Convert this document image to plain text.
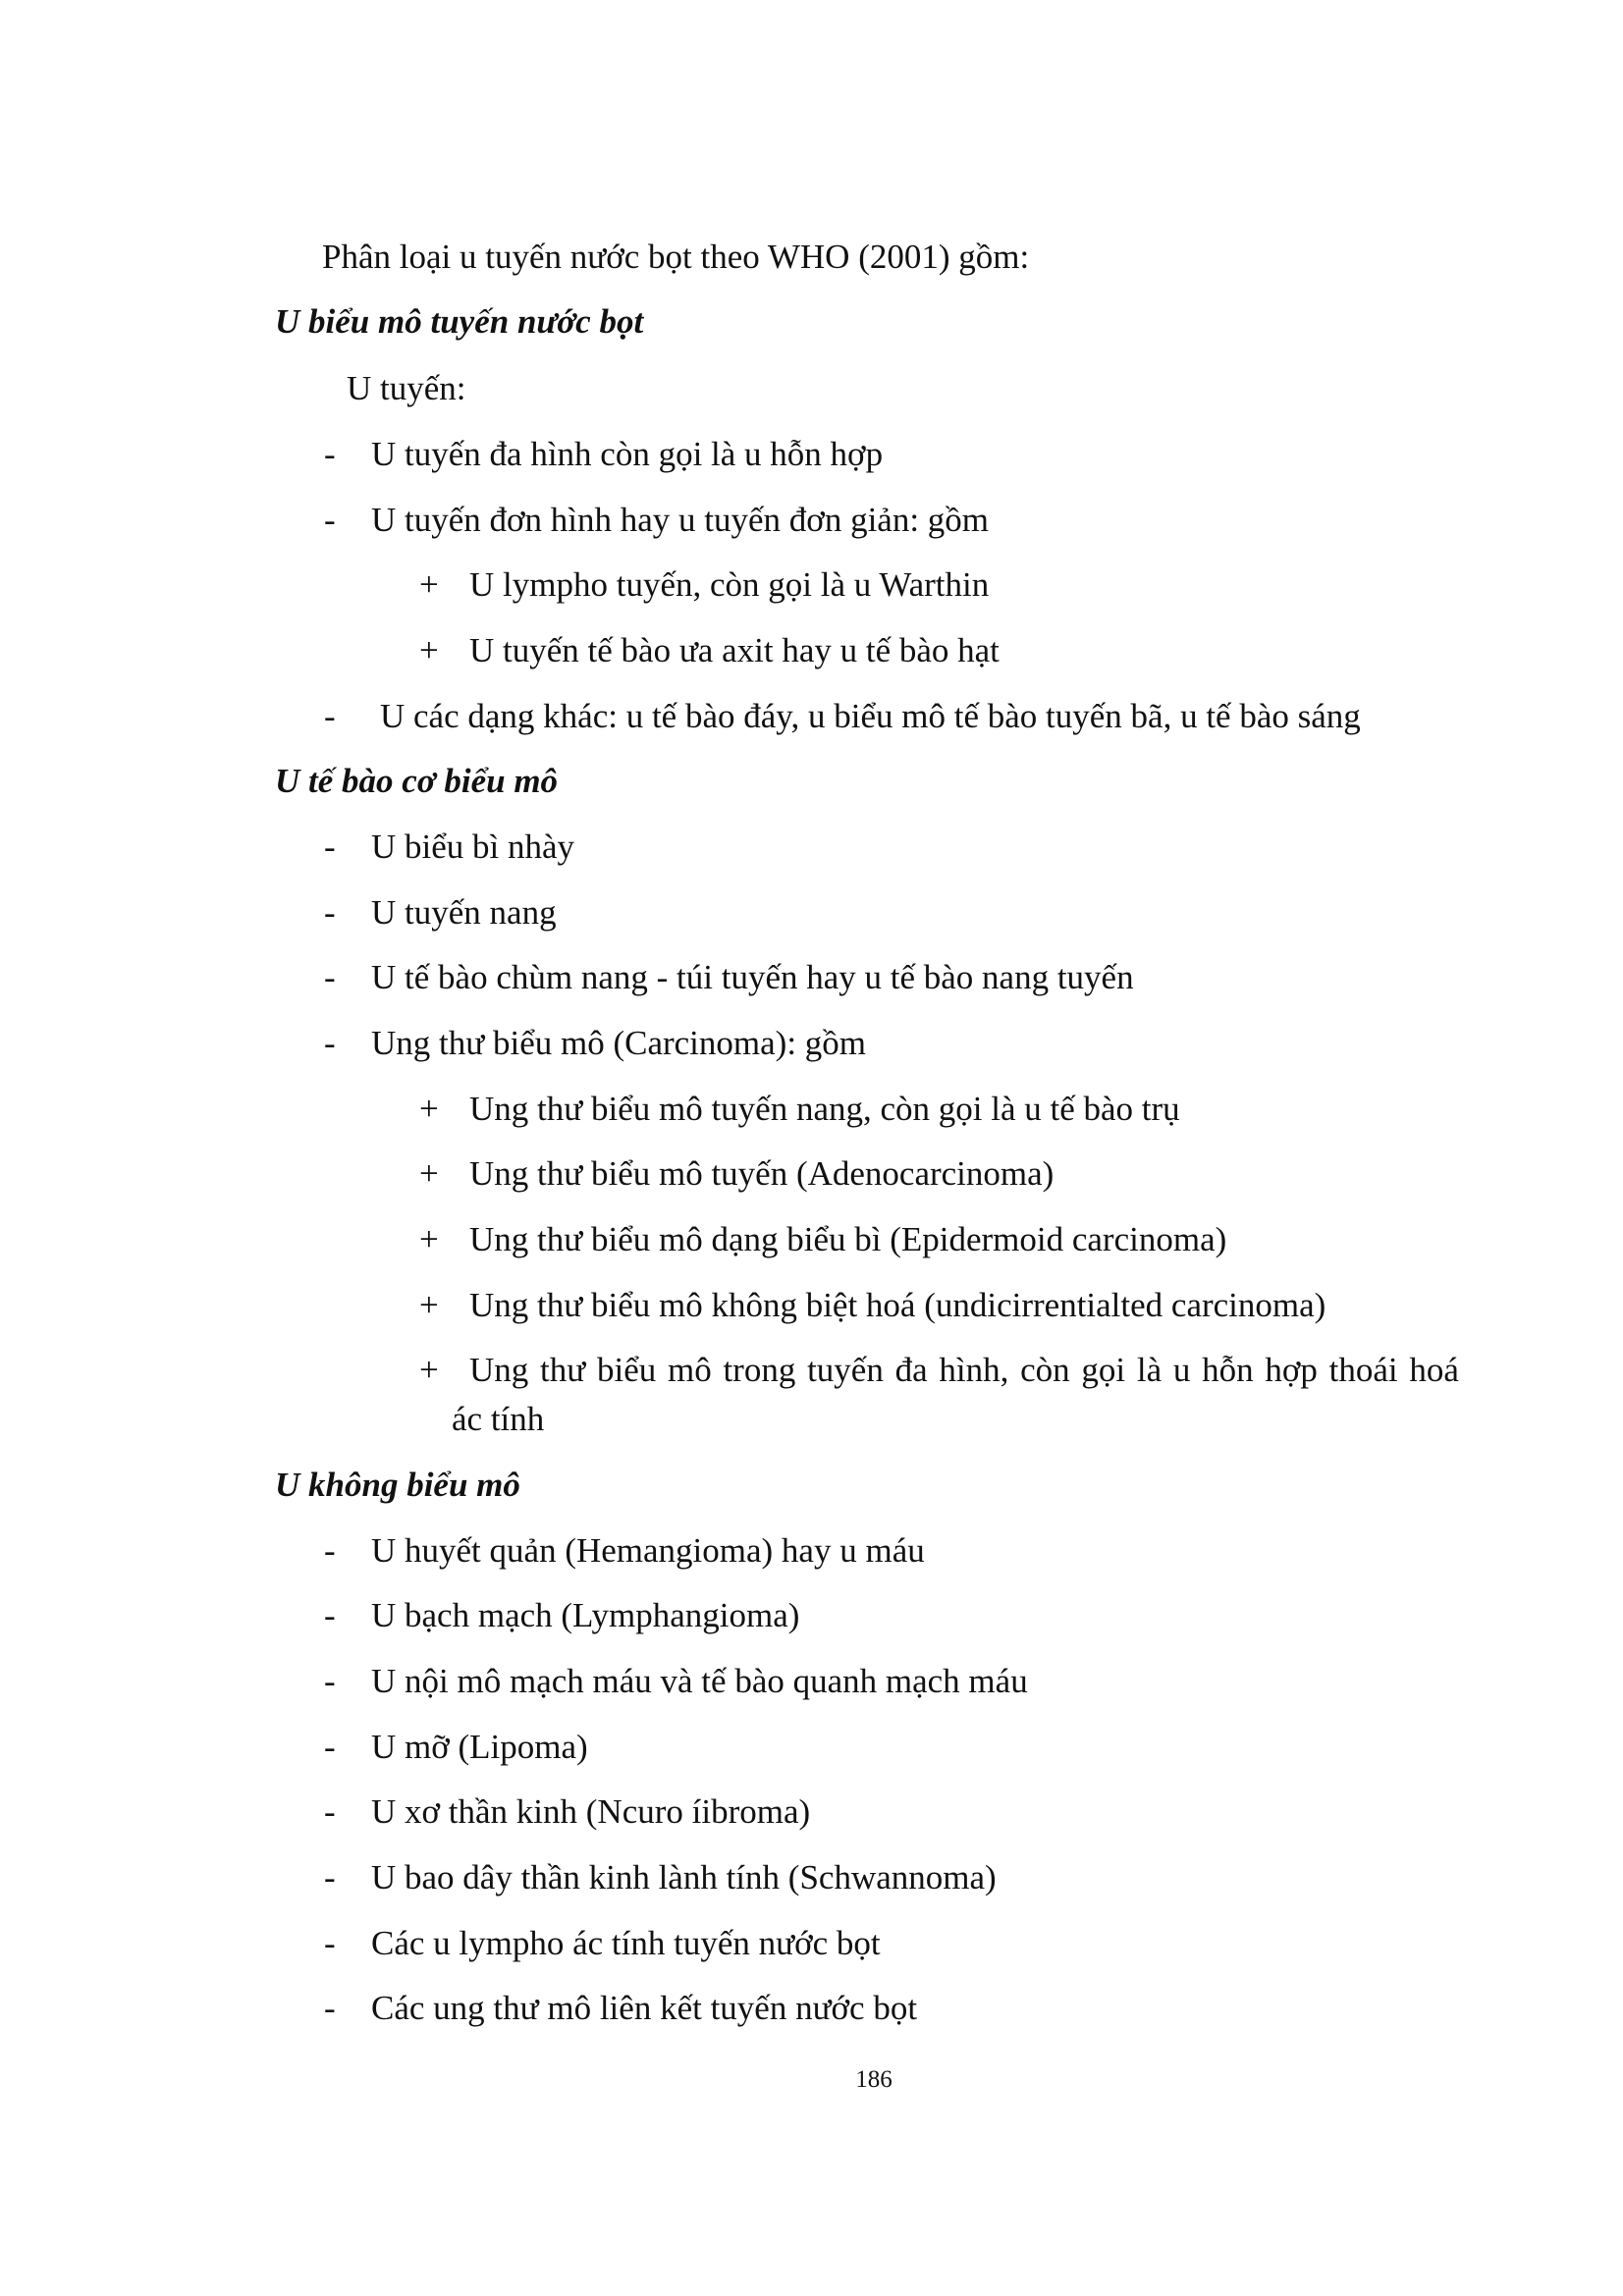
Phân loại u tuyến nước bọt theo WHO (2001) gồm:
U biểu mô tuyến nước bọt
U tuyến:
- U tuyến đa hình còn gọi là u hỗn hợp
- U tuyến đơn hình hay u tuyến đơn giản: gồm
+ U lympho tuyến, còn gọi là u Warthin
+ U tuyến tế bào ưa axit hay u tế bào hạt
- U các dạng khác: u tế bào đáy, u biểu mô tế bào tuyến bã, u tế bào sáng
U tế bào cơ biểu mô
- U biểu bì nhày
- U tuyến nang
- U tế bào chùm nang - túi tuyến hay u tế bào nang tuyến
- Ung thư biểu mô (Carcinoma): gồm
+ Ung thư biểu mô tuyến nang, còn gọi là u tế bào trụ
+ Ung thư biểu mô tuyến (Adenocarcinoma)
+ Ung thư biểu mô dạng biểu bì (Epidermoid carcinoma)
+ Ung thư biểu mô không biệt hoá (undicirrentialted carcinoma)
+ Ung thư biểu mô trong tuyến đa hình, còn gọi là u hỗn hợp thoái hoá
ác tính
U không biểu mô
- U huyết quản (Hemangioma) hay u máu
- U bạch mạch (Lymphangioma)
- U nội mô mạch máu và tế bào quanh mạch máu
- U mỡ (Lipoma)
- U xơ thần kinh (Ncuro íibroma)
- U bao dây thần kinh lành tính (Schwannoma)
- Các u lympho ác tính tuyến nước bọt
- Các ung thư mô liên kết tuyến nước bọt
186
